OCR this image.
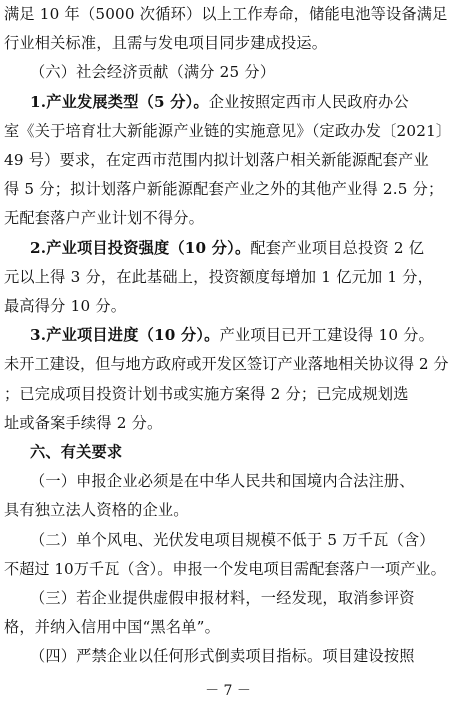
满足 10 年（5000 次循环）以上工作寿命，储能电池等设备满足
行业相关标准，且需与发电项目同步建成投运。
（六）社会经济贡献（满分 25 分）
1.产业发展类型（5 分）。企业按照定西市人民政府办公
室《关于培育壮大新能源产业链的实施意见》（定政办发〔2021〕
49 号）要求，在定西市范围内拟计划落户相关新能源配套产业
得 5 分；拟计划落户新能源配套产业之外的其他产业得 2.5 分；
无配套落户产业计划不得分。
2.产业项目投资强度（10 分）。配套产业项目总投资 2 亿
元以上得 3 分，在此基础上，投资额度每增加 1 亿元加 1 分，
最高得分 10 分。
3.产业项目进度（10 分）。产业项目已开工建设得 10 分。
未开工建设，但与地方政府或开发区签订产业落地相关协议得 2 分
；已完成项目投资计划书或实施方案得 2 分；已完成规划选
址或备案手续得 2 分。
六、有关要求
（一）申报企业必须是在中华人民共和国境内合法注册、
具有独立法人资格的企业。
（二）单个风电、光伏发电项目规模不低于 5 万千瓦（含）
不超过 10万千瓦（含）。申报一个发电项目需配套落户一项产业。
（三）若企业提供虚假申报材料，一经发现，取消参评资
格，并纳入信用中国“黑名单”。
（四）严禁企业以任何形式倒卖项目指标。项目建设按照
－ 7 －
